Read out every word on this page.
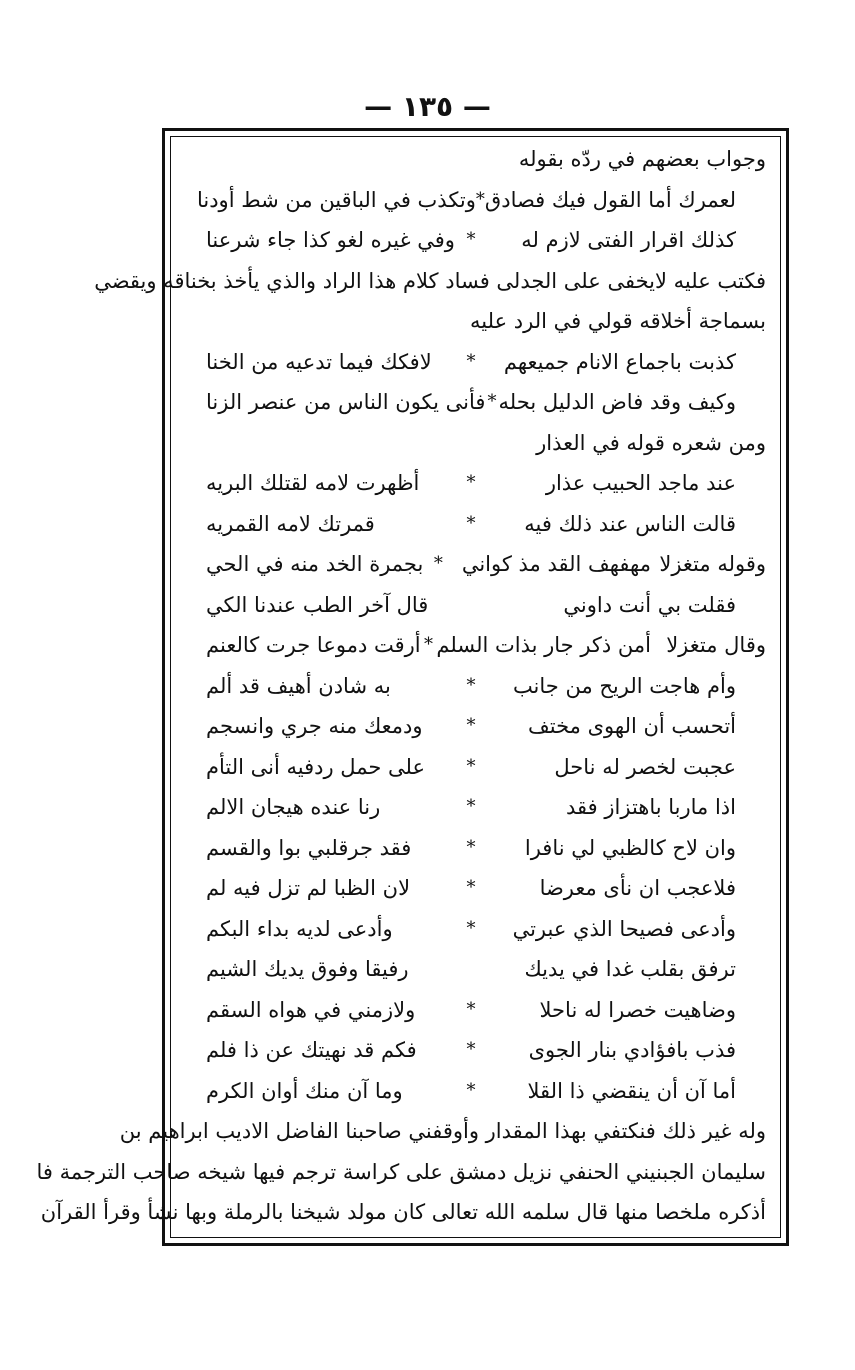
— ١٣٥ —
وجواب بعضهم في ردّه بقوله
لعمرك أما القول فيك فصادق
*
وتكذب في الباقين من شط أودنا
كذلك اقرار الفتى لازم له
*
وفي غيره لغو كذا جاء شرعنا
فكتب عليه لايخفى على الجدلى فساد كلام هذا الراد والذي يأخذ بخناقه ويقضي
بسماجة أخلاقه قولي في الرد عليه
كذبت باجماع الانام جميعهم
*
لافكك فيما تدعيه من الخنا
وكيف وقد فاض الدليل بحله
*
فأنى يكون الناس من عنصر الزنا
ومن شعره قوله في العذار
عند ماجد الحبيب عذار
*
أظهرت لامه لقتلك البريه
قالت الناس عند ذلك فيه
*
قمرتك لامه القمريه
وقوله متغزلا
مهفهف القد مذ كواني
*
بجمرة الخد منه في الحي
فقلت بي أنت داوني
قال آخر الطب عندنا الكي
وقال متغزلا
أمن ذكر جار بذات السلم
*
أرقت دموعا جرت كالعنم
وأم هاجت الريح من جانب
*
به شادن أهيف قد ألم
أتحسب أن الهوى مختف
*
ودمعك منه جري وانسجم
عجبت لخصر له ناحل
*
على حمل ردفيه أنى التأم
اذا ماربا باهتزاز فقد
*
رنا عنده هيجان الالم
وان لاح كالظبي لي نافرا
*
فقد جرقلبي بوا والقسم
فلاعجب ان نأى معرضا
*
لان الظبا لم تزل فيه لم
وأدعى فصيحا الذي عبرتي
*
وأدعى لديه بداء البكم
ترفق بقلب غدا في يديك
رفيقا وفوق يديك الشيم
وضاهيت خصرا له ناحلا
*
ولازمني في هواه السقم
فذب بافؤادي بنار الجوى
*
فكم قد نهيتك عن ذا فلم
أما آن أن ينقضي ذا القلا
*
وما آن منك أوان الكرم
وله غير ذلك فنكتفي بهذا المقدار وأوقفني صاحبنا الفاضل الاديب ابراهيم بن
سليمان الجبنيني الحنفي نزيل دمشق على كراسة ترجم فيها شيخه صاحب الترجمة فا
أذكره ملخصا منها قال سلمه الله تعالى كان مولد شيخنا بالرملة وبها نشأ وقرأ القرآن
